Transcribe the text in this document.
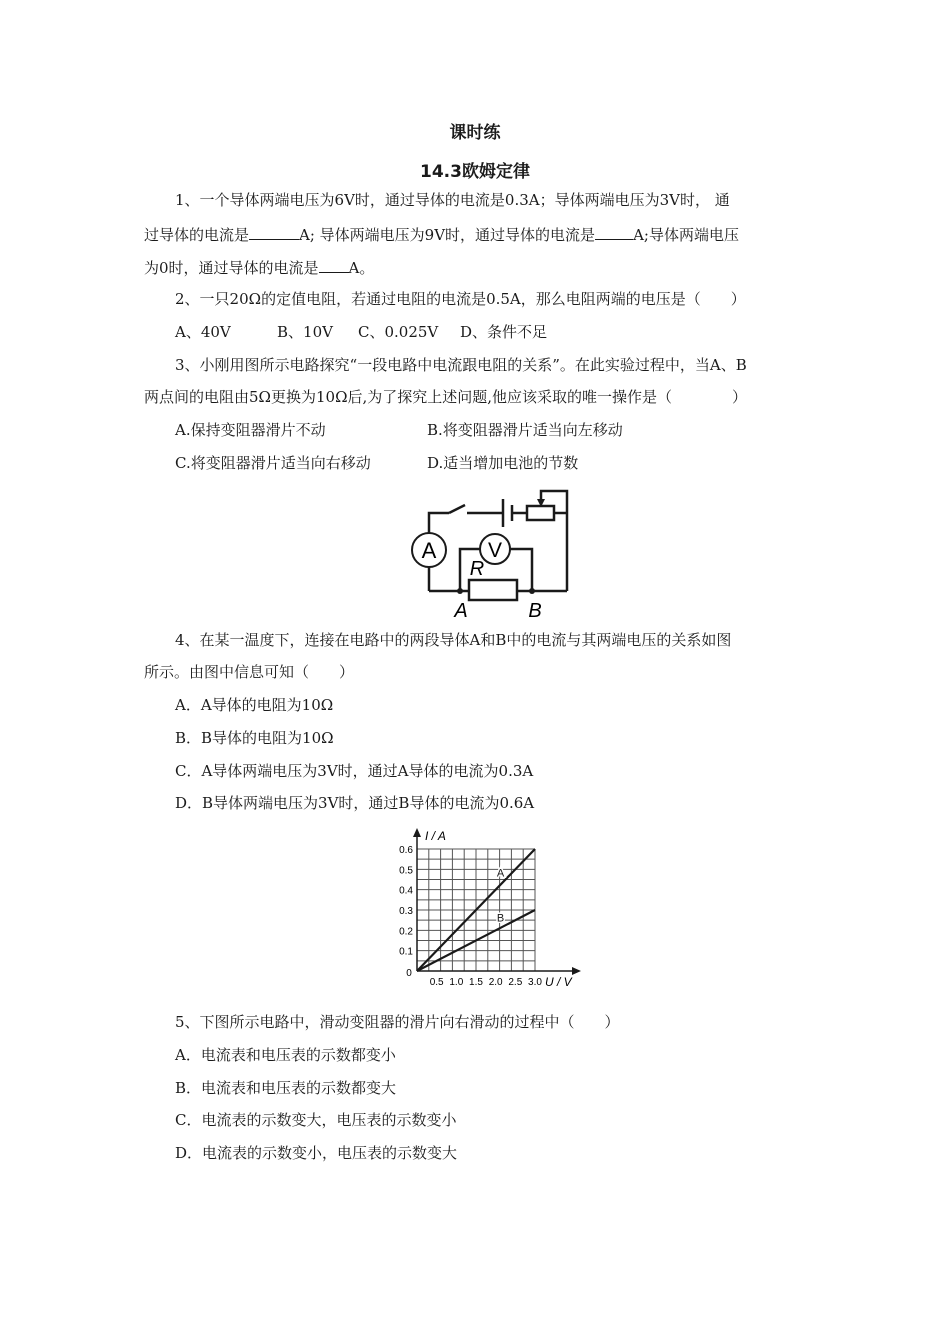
课时练
14.3欧姆定律
1、一个导体两端电压为6V时，通过导体的电流是0.3A；导体两端电压为3V时， 通
过导体的电流是	A; 导体两端电压为9V时，通过导体的电流是	A;导体两端电压
为0时，通过导体的电流是 A。
2、一只20Ω的定值电阻，若通过电阻的电流是0.5A，那么电阻两端的电压是（　　）
A、40V	B、10V C、0.025V D、条件不足
3、小刚用图所示电路探究“一段电路中电流跟电阻的关系”。在此实验过程中，当A、B
两点间的电阻由5Ω更换为10Ω后,为了探究上述问题,他应该采取的唯一操作是（　　　　）
A.保持变阻器滑片不动	B.将变阻器滑片适当向左移动
C.将变阻器滑片适当向右移动	D.适当增加电池的节数
A V
R
A	B
4、在某一温度下，连接在电路中的两段导体A和B中的电流与其两端电压的关系如图
所示。由图中信息可知（　　）
A．A导体的电阻为10Ω
B．B导体的电阻为10Ω
C．A导体两端电压为3V时，通过A导体的电流为0.3A
D．B导体两端电压为3V时，通过B导体的电流为0.6A
I / A
U / V
0
0.5 1.0 1.5 2.0 2.5 3.0
0.1
0.2
0.3
0.4
0.5
0.6
A
B
5、下图所示电路中，滑动变阻器的滑片向右滑动的过程中（　　）
A．电流表和电压表的示数都变小
B．电流表和电压表的示数都变大
C．电流表的示数变大，电压表的示数变小
D．电流表的示数变小，电压表的示数变大
